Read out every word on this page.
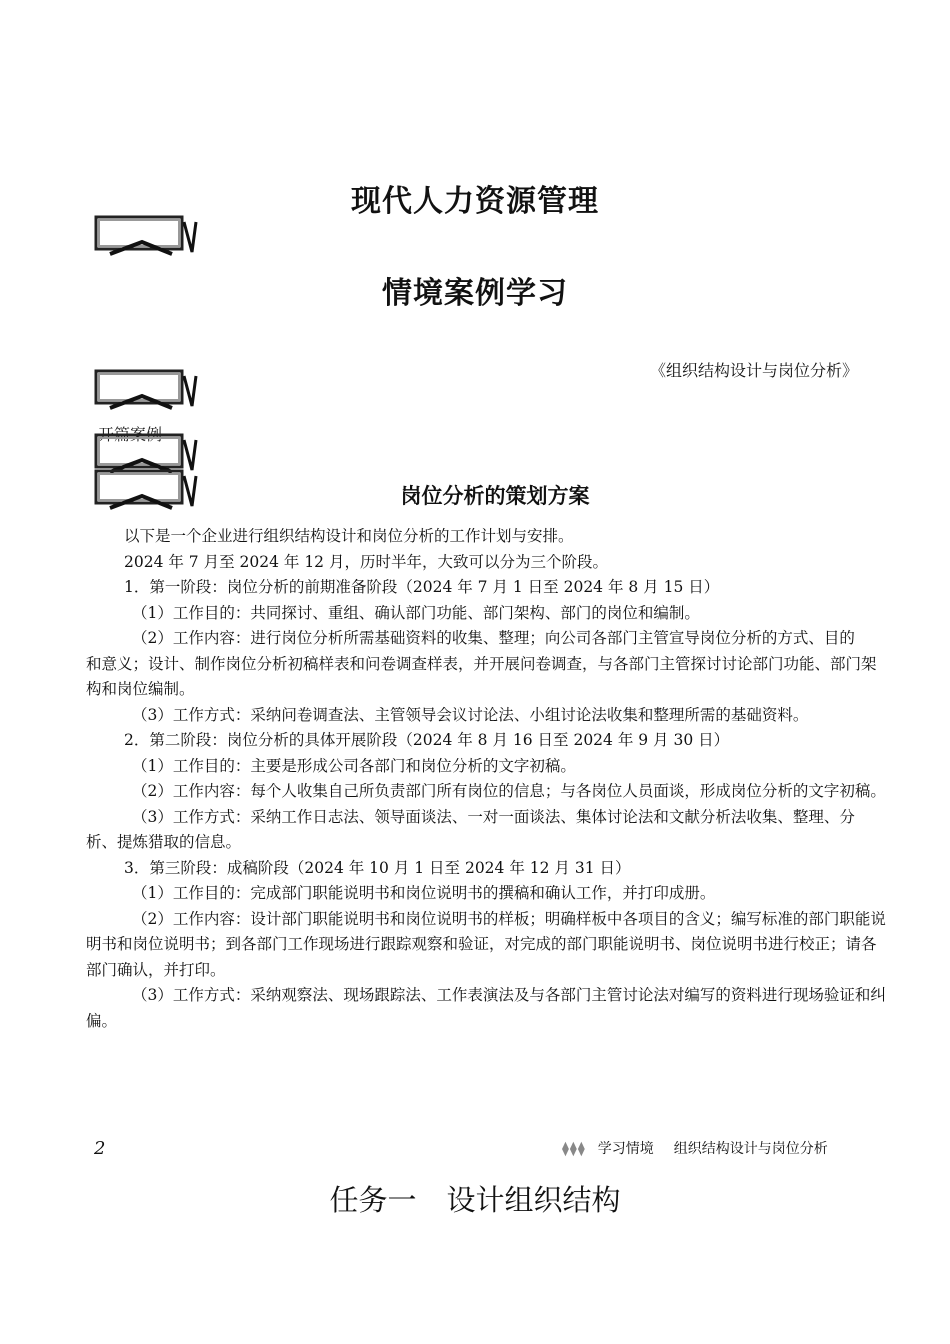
开篇案例
现代人力资源管理
情境案例学习
《组织结构设计与岗位分析》
岗位分析的策划方案

以下是一个企业进行组织结构设计和岗位分析的工作计划与安排。

2024 年 7 月至 2024 年 12 月，历时半年，大致可以分为三个阶段。

1．第一阶段：岗位分析的前期准备阶段（2024 年 7 月 1 日至 2024 年 8 月 15 日）

（1）工作目的：共同探讨、重组、确认部门功能、部门架构、部门的岗位和编制。

（2）工作内容：进行岗位分析所需基础资料的收集、整理；向公司各部门主管宣导岗位分析的方式、目的

和意义；设计、制作岗位分析初稿样表和问卷调查样表，并开展问卷调查，与各部门主管探讨讨论部门功能、部门架构和岗位编制。

（3）工作方式：采纳问卷调查法、主管领导会议讨论法、小组讨论法收集和整理所需的基础资料。

2．第二阶段：岗位分析的具体开展阶段（2024 年 8 月 16 日至 2024 年 9 月 30 日）

（1）工作目的：主要是形成公司各部门和岗位分析的文字初稿。

（2）工作内容：每个人收集自己所负责部门所有岗位的信息；与各岗位人员面谈，形成岗位分析的文字初稿。

（3）工作方式：采纳工作日志法、领导面谈法、一对一面谈法、集体讨论法和文献分析法收集、整理、分

析、提炼猎取的信息。

3．第三阶段：成稿阶段（2024 年 10 月 1 日至 2024 年 12 月 31 日）

（1）工作目的：完成部门职能说明书和岗位说明书的撰稿和确认工作，并打印成册。

（2）工作内容：设计部门职能说明书和岗位说明书的样板；明确样板中各项目的含义；编写标准的部门职能说明书和岗位说明书；到各部门工作现场进行跟踪观察和验证，对完成的部门职能说明书、岗位说明书进行校正；请各部门确认，并打印。

（3）工作方式：采纳观察法、现场跟踪法、工作表演法及与各部门主管讨论法对编写的资料进行现场验证和纠偏。

2	⧫⧫⧫ 学习情境 组织结构设计与岗位分析
任务一 设计组织结构
